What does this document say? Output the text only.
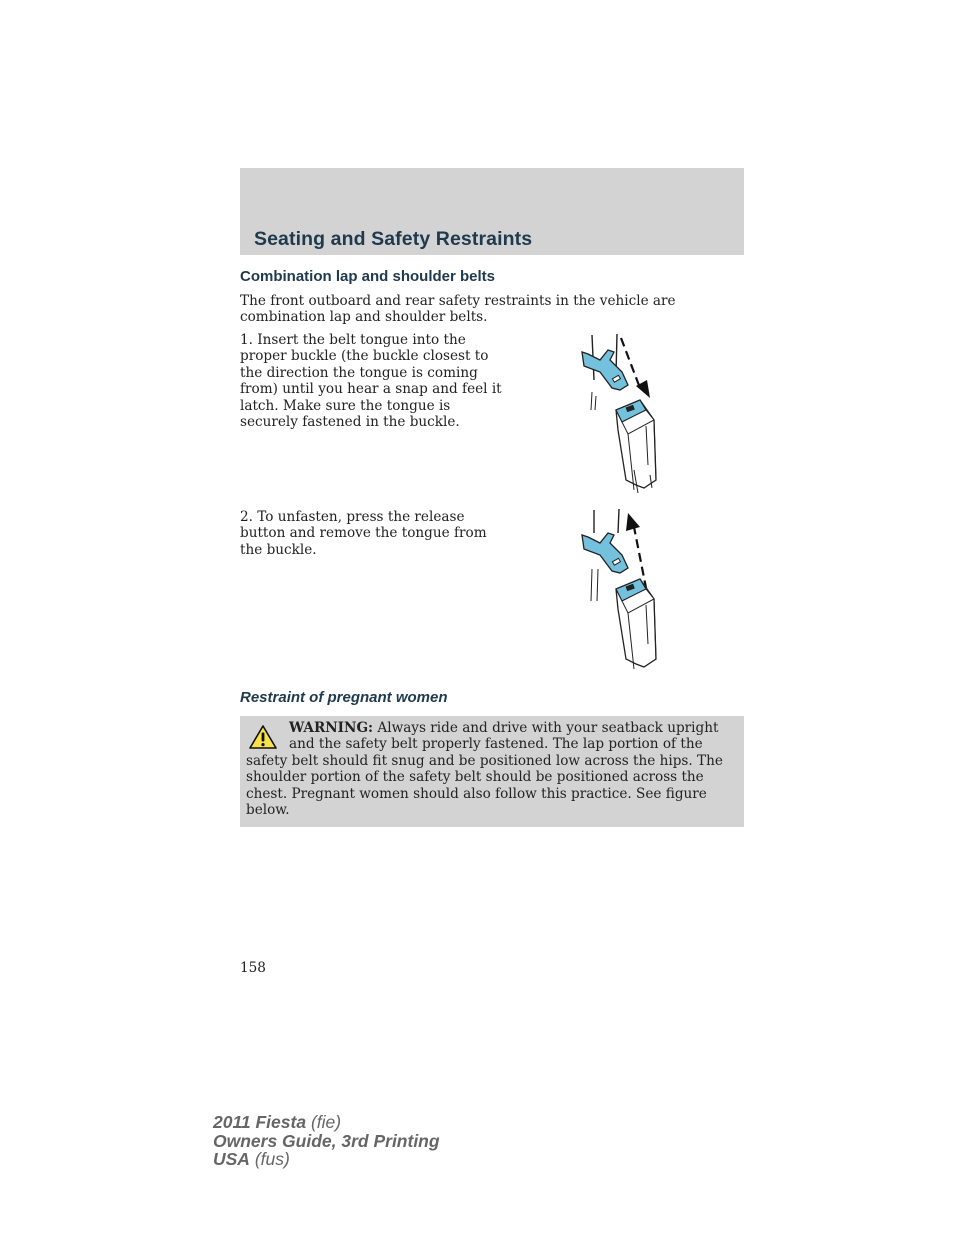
Seating and Safety Restraints
Combination lap and shoulder belts

The front outboard and rear safety restraints in the vehicle are combination lap and shoulder belts.

1. Insert the belt tongue into the proper buckle (the buckle closest to the direction the tongue is coming from) until you hear a snap and feel it latch. Make sure the tongue is securely fastened in the buckle.

2. To unfasten, press the release button and remove the tongue from the buckle.

Restraint of pregnant women

WARNING: Always ride and drive with your seatback upright and the safety belt properly fastened. The lap portion of the safety belt should fit snug and be positioned low across the hips. The shoulder portion of the safety belt should be positioned across the chest. Pregnant women should also follow this practice. See figure below.

158

2011 Fiesta (fie)
Owners Guide, 3rd Printing
USA (fus)
